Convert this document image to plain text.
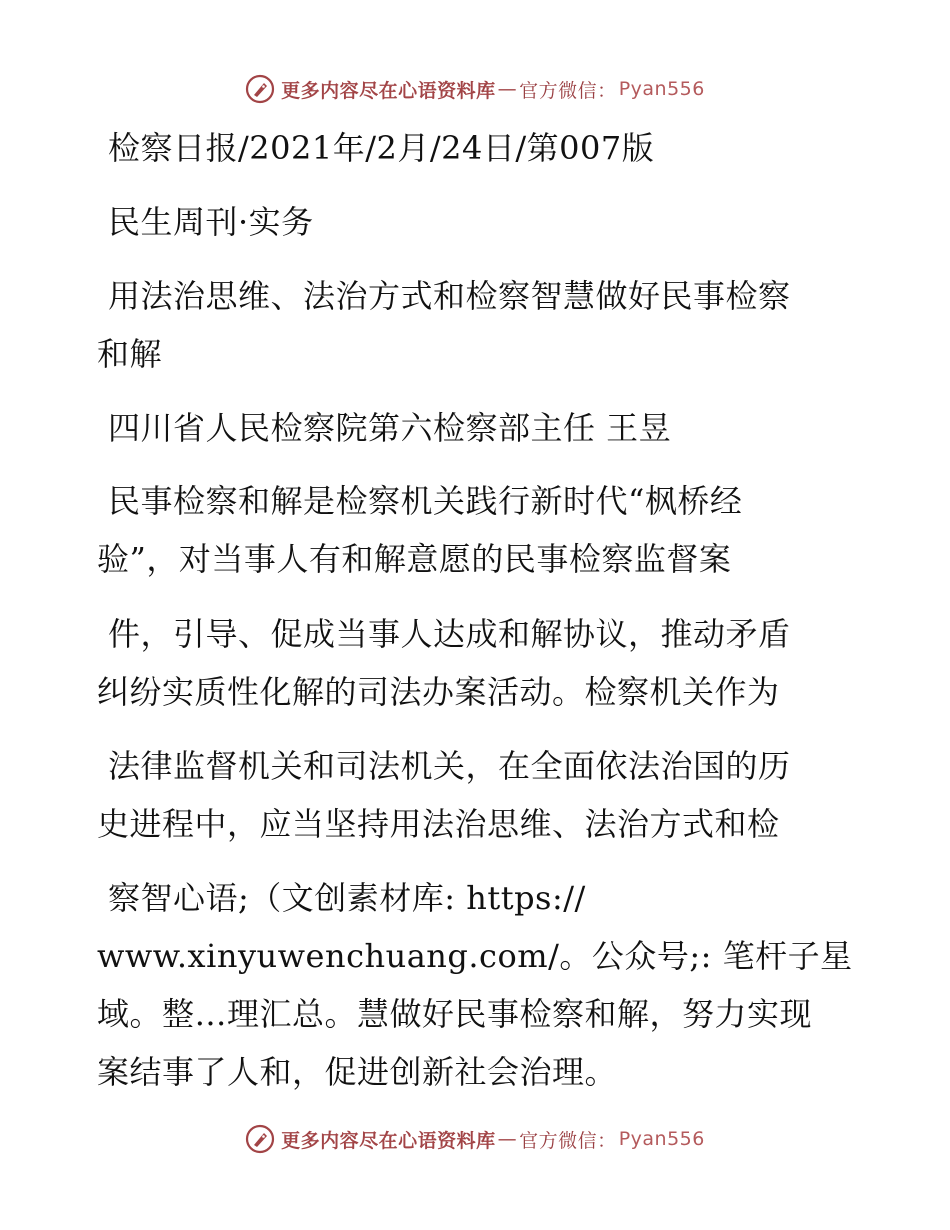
更多内容尽在心语资料库 — 官方微信： Pyan556
检察日报/2021年/2月/24日/第007版
民生周刊·实务
用法治思维、法治方式和检察智慧做好民事检察
和解
四川省人民检察院第六检察部主任 王昱
民事检察和解是检察机关践行新时代“枫桥经
验”，对当事人有和解意愿的民事检察监督案
件，引导、促成当事人达成和解协议，推动矛盾
纠纷实质性化解的司法办案活动。检察机关作为
法律监督机关和司法机关，在全面依法治国的历
史进程中，应当坚持用法治思维、法治方式和检
察智心语;（文创素材库: https://
www.xinyuwenchuang.com/。公众号;: 笔杆子星
域。整…理汇总。慧做好民事检察和解，努力实现
案结事了人和，促进创新社会治理。
更多内容尽在心语资料库 — 官方微信： Pyan556
